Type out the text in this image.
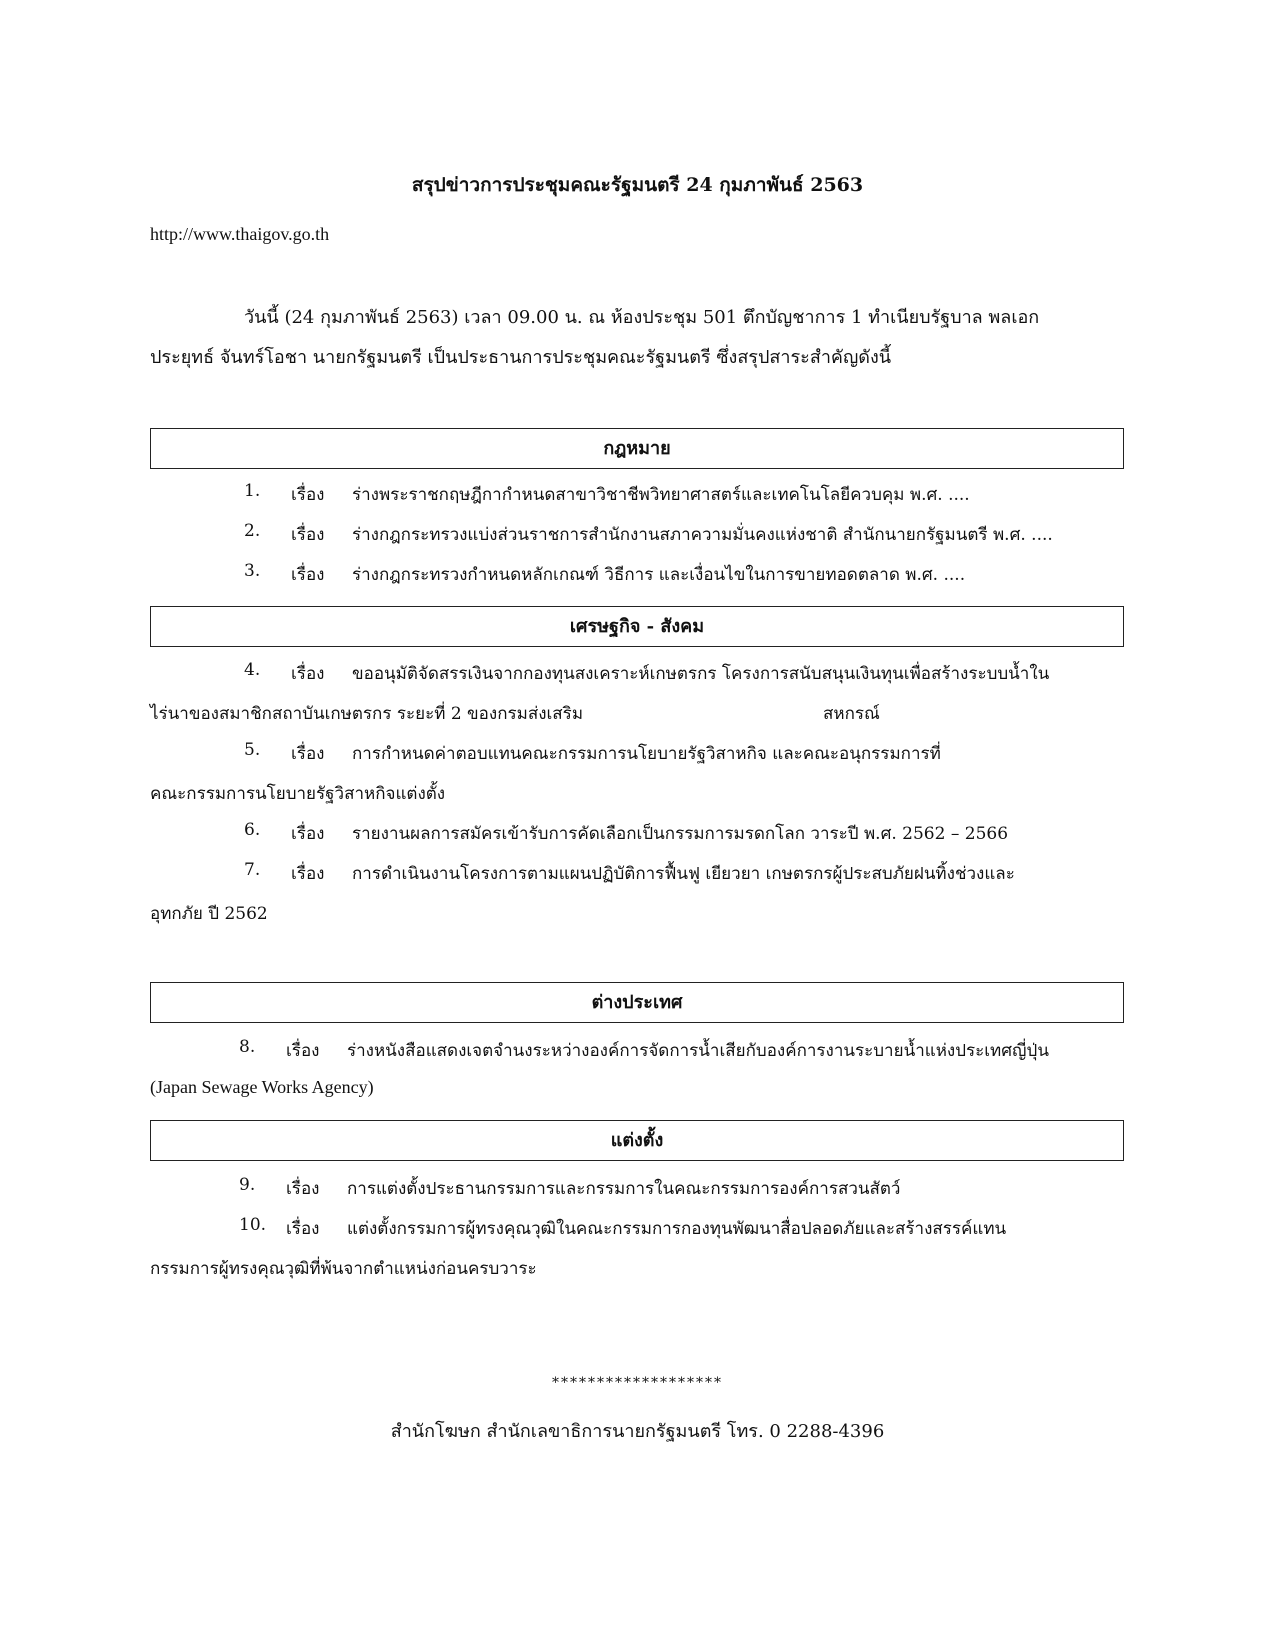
สรุปข่าวการประชุมคณะรัฐมนตรี 24 กุมภาพันธ์ 2563
http://www.thaigov.go.th
วันนี้ (24 กุมภาพันธ์ 2563) เวลา 09.00 น. ณ ห้องประชุม 501 ตึกบัญชาการ 1 ทำเนียบรัฐบาล พลเอก
ประยุทธ์ จันทร์โอชา นายกรัฐมนตรี เป็นประธานการประชุมคณะรัฐมนตรี ซึ่งสรุปสาระสำคัญดังนี้
กฎหมาย
1. เรื่อง ร่างพระราชกฤษฎีกากำหนดสาขาวิชาชีพวิทยาศาสตร์และเทคโนโลยีควบคุม พ.ศ. ....
2. เรื่อง ร่างกฎกระทรวงแบ่งส่วนราชการสำนักงานสภาความมั่นคงแห่งชาติ สำนักนายกรัฐมนตรี พ.ศ. ....
3. เรื่อง ร่างกฎกระทรวงกำหนดหลักเกณฑ์ วิธีการ และเงื่อนไขในการขายทอดตลาด พ.ศ. ....
เศรษฐกิจ - สังคม
4. เรื่อง ขออนุมัติจัดสรรเงินจากกองทุนสงเคราะห์เกษตรกร โครงการสนับสนุนเงินทุนเพื่อสร้างระบบน้ำใน
ไร่นาของสมาชิกสถาบันเกษตรกร ระยะที่ 2 ของกรมส่งเสริม	สหกรณ์
5. เรื่อง การกำหนดค่าตอบแทนคณะกรรมการนโยบายรัฐวิสาหกิจ และคณะอนุกรรมการที่
คณะกรรมการนโยบายรัฐวิสาหกิจแต่งตั้ง
6. เรื่อง รายงานผลการสมัครเข้ารับการคัดเลือกเป็นกรรมการมรดกโลก วาระปี พ.ศ. 2562 – 2566
7. เรื่อง การดำเนินงานโครงการตามแผนปฏิบัติการฟื้นฟู เยียวยา เกษตรกรผู้ประสบภัยฝนทิ้งช่วงและ
อุทกภัย ปี 2562
ต่างประเทศ
8. เรื่อง ร่างหนังสือแสดงเจตจำนงระหว่างองค์การจัดการน้ำเสียกับองค์การงานระบายน้ำแห่งประเทศญี่ปุ่น
(Japan Sewage Works Agency)
แต่งตั้ง
9. เรื่อง การแต่งตั้งประธานกรรมการและกรรมการในคณะกรรมการองค์การสวนสัตว์
10. เรื่อง แต่งตั้งกรรมการผู้ทรงคุณวุฒิในคณะกรรมการกองทุนพัฒนาสื่อปลอดภัยและสร้างสรรค์แทน
กรรมการผู้ทรงคุณวุฒิที่พ้นจากตำแหน่งก่อนครบวาระ
*******************
สำนักโฆษก สำนักเลขาธิการนายกรัฐมนตรี โทร. 0 2288-4396
